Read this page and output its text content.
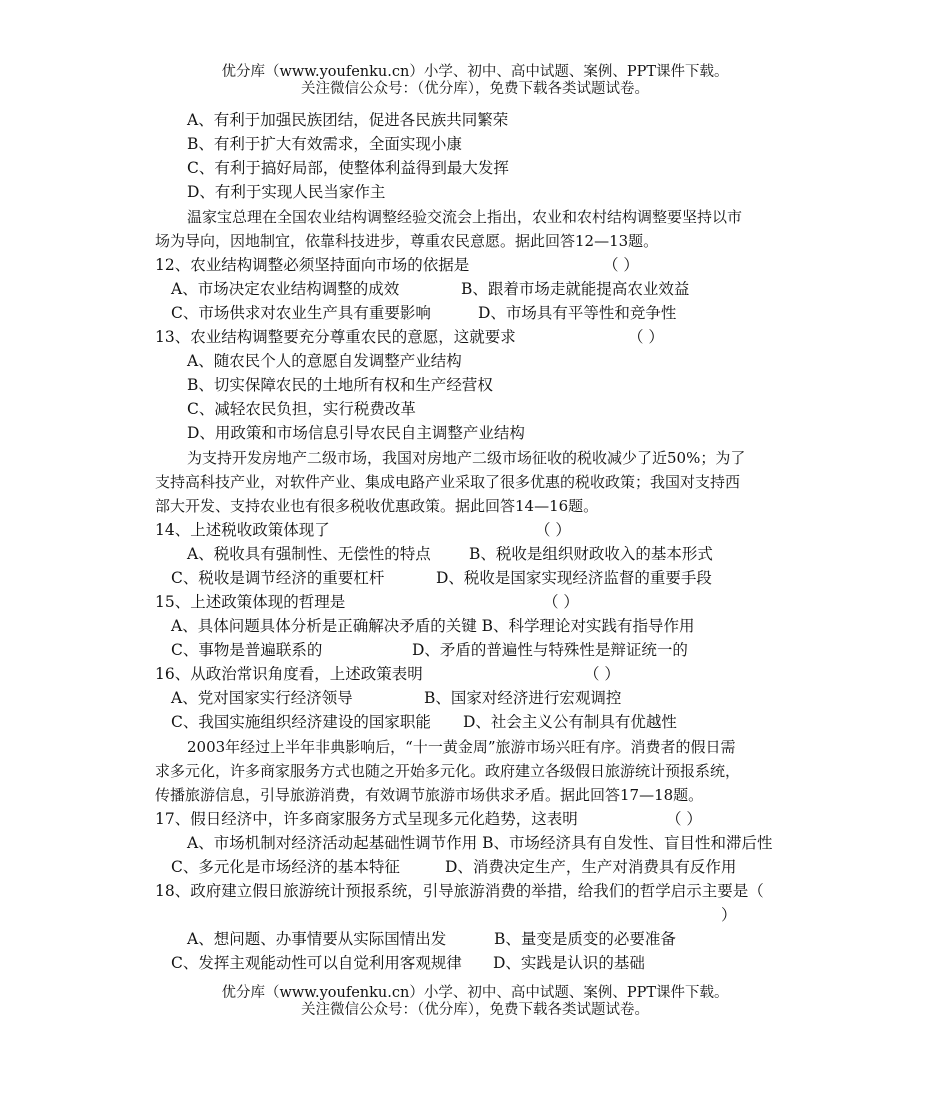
优分库（www.youfenku.cn）小学、初中、高中试题、案例、PPT课件下载。
关注微信公众号：（优分库），免费下载各类试题试卷。
A、有利于加强民族团结，促进各民族共同繁荣
B、有利于扩大有效需求，全面实现小康
C、有利于搞好局部，使整体利益得到最大发挥
D、有利于实现人民当家作主
温家宝总理在全国农业结构调整经验交流会上指出，农业和农村结构调整要坚持以市
场为导向，因地制宜，依靠科技进步，尊重农民意愿。据此回答12—13题。
12、农业结构调整必须坚持面向市场的依据是	（ ）
A、市场决定农业结构调整的成效	B、跟着市场走就能提高农业效益
C、市场供求对农业生产具有重要影响	D、市场具有平等性和竞争性
13、农业结构调整要充分尊重农民的意愿，这就要求	（ ）
A、随农民个人的意愿自发调整产业结构
B、切实保障农民的土地所有权和生产经营权
C、减轻农民负担，实行税费改革
D、用政策和市场信息引导农民自主调整产业结构
为支持开发房地产二级市场，我国对房地产二级市场征收的税收减少了近50%；为了
支持高科技产业，对软件产业、集成电路产业采取了很多优惠的税收政策；我国对支持西
部大开发、支持农业也有很多税收优惠政策。据此回答14—16题。
14、上述税收政策体现了	（ ）
A、税收具有强制性、无偿性的特点 B、税收是组织财政收入的基本形式
C、税收是调节经济的重要杠杆	D、税收是国家实现经济监督的重要手段
15、上述政策体现的哲理是	（ ）
A、具体问题具体分析是正确解决矛盾的关键 B、科学理论对实践有指导作用
C、事物是普遍联系的	D、矛盾的普遍性与特殊性是辩证统一的
16、从政治常识角度看，上述政策表明	（ ）
A、党对国家实行经济领导	B、国家对经济进行宏观调控
C、我国实施组织经济建设的国家职能 D、社会主义公有制具有优越性
2003年经过上半年非典影响后，“十一黄金周”旅游市场兴旺有序。消费者的假日需
求多元化，许多商家服务方式也随之开始多元化。政府建立各级假日旅游统计预报系统，
传播旅游信息，引导旅游消费，有效调节旅游市场供求矛盾。据此回答17—18题。
17、假日经济中，许多商家服务方式呈现多元化趋势，这表明	（ ）
A、市场机制对经济活动起基础性调节作用 B、市场经济具有自发性、盲目性和滞后性
C、多元化是市场经济的基本特征	D、消费决定生产，生产对消费具有反作用
18、政府建立假日旅游统计预报系统，引导旅游消费的举措，给我们的哲学启示主要是（
）
A、想问题、办事情要从实际国情出发	B、量变是质变的必要准备
C、发挥主观能动性可以自觉利用客观规律 D、实践是认识的基础
优分库（www.youfenku.cn）小学、初中、高中试题、案例、PPT课件下载。
关注微信公众号：（优分库），免费下载各类试题试卷。
